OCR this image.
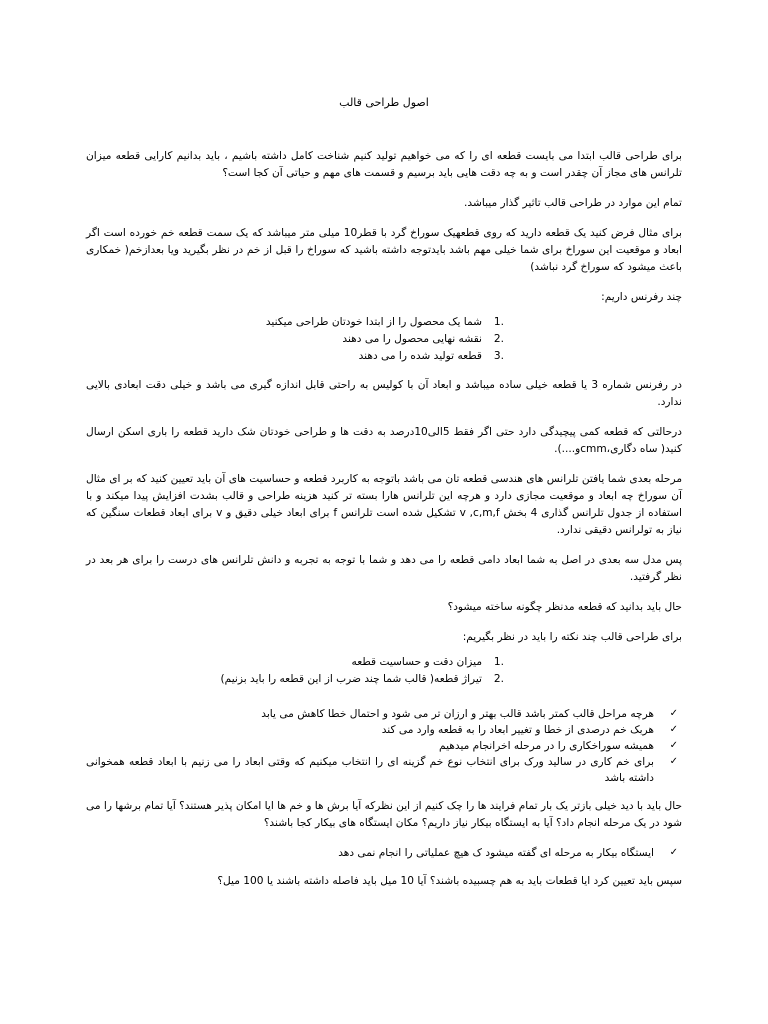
اصول طراحی قالب

برای طراحی قالب ابتدا می بایست قطعه ای را که می خواهیم تولید کنیم شناخت کامل داشته باشیم ، باید بدانیم کارایی قطعه میزان تلرانس های مجاز آن چقدر است و به چه دقت هایی باید برسیم و قسمت های مهم و حیاتی آن کجا است؟

تمام این موارد در طراحی قالب تاثیر گذار میباشد.

برای مثال فرض کنید یک قطعه دارید که روی قطعهیک سوراخ گرد با قطر10 میلی متر میباشد که یک سمت قطعه خم خورده است اگر ابعاد و موقعیت این سوراخ برای شما خیلی مهم باشد بایدتوجه داشته باشید که سوراخ را قبل از خم در نظر بگیرید ویا بعدازخم( خمکاری باعث میشود که سوراخ گرد نباشد)

چند رفرنس داریم:

1.
شما یک محصول را از ابتدا خودتان طراحی میکنید
2.
نقشه نهایی محصول را می دهند
3.
قطعه تولید شده را می دهند

در رفرنس شماره 3 یا قطعه خیلی ساده میباشد و ابعاد آن با کولیس به راحتی قابل اندازه گیری می باشد و خیلی دقت ابعادی بالایی ندارد.

درحالتی که قطعه کمی پیچیدگی دارد حتی اگر فقط 5الی10درصد به دقت ها و طراحی خودتان شک دارید قطعه را باری اسکن ارسال کنید( ساه دگاری،cmmو....).

مرحله بعدی شما یافتن تلرانس های هندسی قطعه تان می باشد باتوجه به کاربرد قطعه و حساسیت های آن باید تعیین کنید که بر ای مثال آن سوراخ چه ابعاد و موقعیت مجازی دارد و هرچه این تلرانس هارا بسته تر کنید هزینه طراحی و قالب بشدت افزایش پیدا میکند و با استفاده از جدول تلرانس گذاری 4 بخش v ,c,m,f تشکیل شده است تلرانس f برای ابعاد خیلی دقیق و v برای ابعاد قطعات سنگین که نیاز به تولرانس دقیقی ندارد.

پس مدل سه بعدی در اصل به شما ابعاد دامی قطعه را می دهد و شما با توجه به تجربه و دانش تلرانس های درست را برای هر بعد در نظر گرفتید.

حال باید بدانید که قطعه مدنظر چگونه ساخته میشود؟

برای طراحی قالب چند نکته را باید در نظر بگیریم:

1.
میزان دقت و حساسیت قطعه
2.
تیراژ قطعه( قالب شما چند ضرب از این قطعه را باید بزنیم)
✓
هرچه مراحل قالب کمتر باشد قالب بهتر و ارزان تر می شود و احتمال خطا کاهش می یابد
✓
هربک خم درصدی از خطا و تغییر ابعاد را به قطعه وارد می کند
✓
همیشه سوراخکاری را در مرحله اخرانجام میدهیم
✓
برای خم کاری در سالید ورک برای انتخاب نوع خم گزینه ای را انتخاب میکنیم که وقتی ابعاد را می زنیم با ابعاد قطعه همخوانی داشته باشد

حال باید با دید خیلی بازتر یک بار تمام فرایند ها را چک کنیم از این نظرکه آیا برش ها و خم ها ایا امکان پذیر هستند؟ آیا تمام برشها را می شود در یک مرحله انجام داد؟ آیا به ایستگاه بیکار نیاز داریم؟ مکان ایستگاه های بیکار کجا باشند؟

✓
ایستگاه بیکار به مرحله ای گفته میشود ک هیچ عملیاتی را انجام نمی دهد

سپس باید تعیین کرد ایا قطعات باید به هم چسبیده باشند؟ آیا 10 میل باید فاصله داشته باشند یا 100 میل؟
